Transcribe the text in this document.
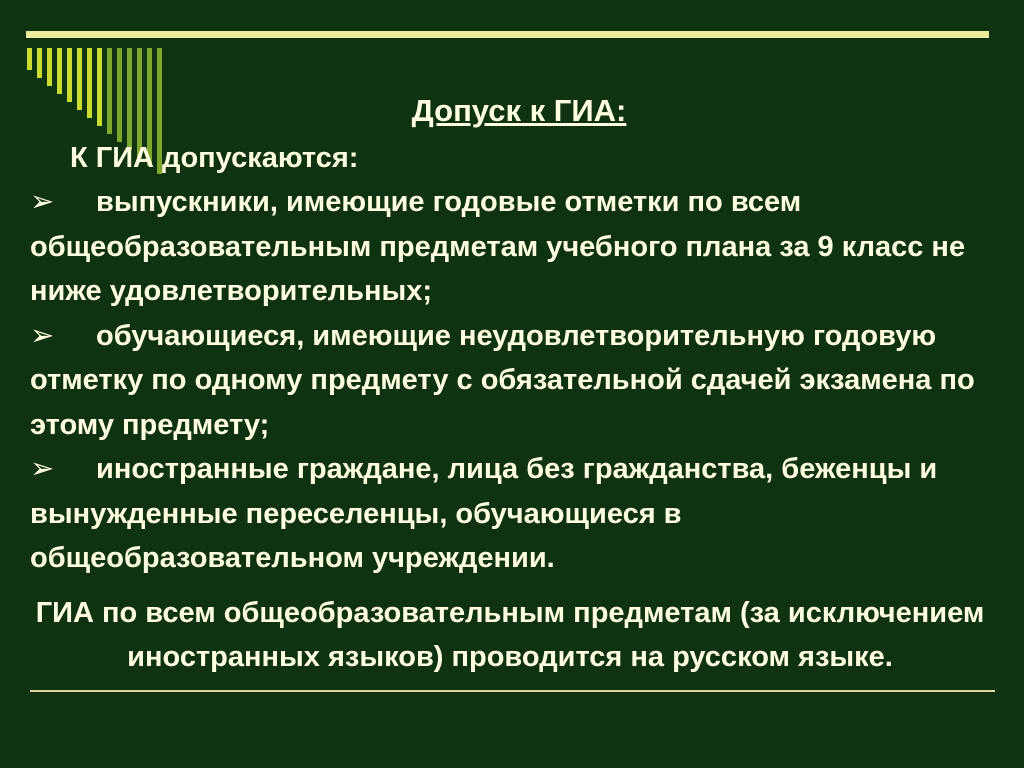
Допуск к ГИА:
К ГИА допускаются:
➢ выпускники, имеющие годовые отметки по всем общеобразовательным предметам учебного плана за 9 класс не ниже удовлетворительных;
➢ обучающиеся, имеющие неудовлетворительную годовую отметку по одному предмету с обязательной сдачей экзамена по этому предмету;
➢ иностранные граждане, лица без гражданства, беженцы и вынужденные переселенцы, обучающиеся в общеобразовательном учреждении.
ГИА по всем общеобразовательным предметам (за исключением иностранных языков) проводится на русском языке.
